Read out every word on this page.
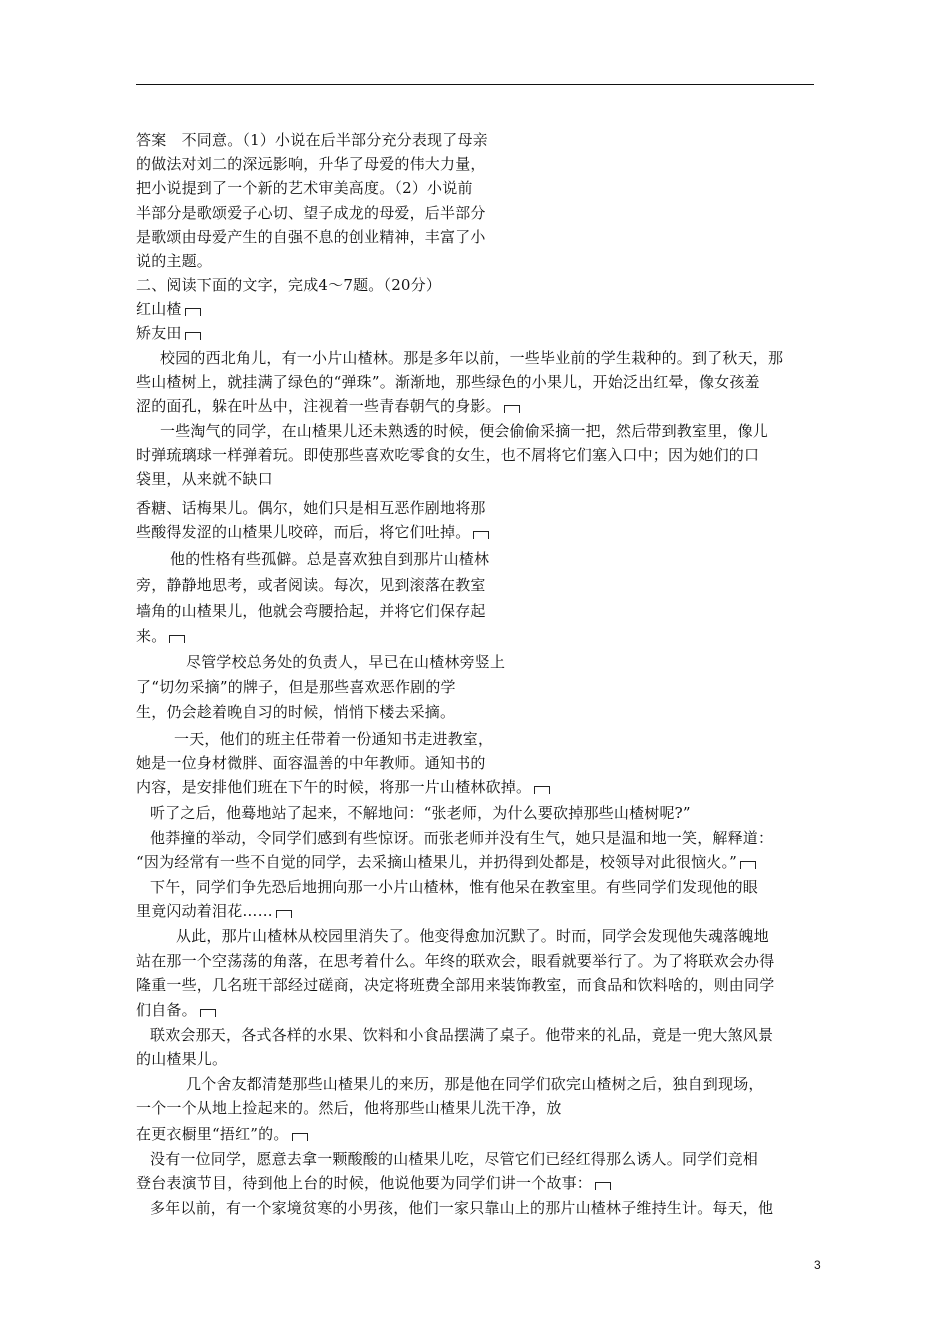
答案　不同意。（1）小说在后半部分充分表现了母亲
的做法对刘二的深远影响，升华了母爱的伟大力量，
把小说提到了一个新的艺术审美高度。（2）小说前
半部分是歌颂爱子心切、望子成龙的母爱，后半部分
是歌颂由母爱产生的自强不息的创业精神，丰富了小
说的主题。
二、阅读下面的文字，完成4～7题。（20分）
红山楂
矫友田
校园的西北角儿，有一小片山楂林。那是多年以前，一些毕业前的学生栽种的。到了秋天，那
些山楂树上，就挂满了绿色的“弹珠”。渐渐地，那些绿色的小果儿，开始泛出红晕，像女孩羞
涩的面孔，躲在叶丛中，注视着一些青春朝气的身影。
一些淘气的同学，在山楂果儿还未熟透的时候，便会偷偷采摘一把，然后带到教室里，像儿
时弹琉璃球一样弹着玩。即使那些喜欢吃零食的女生，也不屑将它们塞入口中；因为她们的口
袋里，从来就不缺口
香糖、话梅果儿。偶尔，她们只是相互恶作剧地将那
些酸得发涩的山楂果儿咬碎，而后，将它们吐掉。
他的性格有些孤僻。总是喜欢独自到那片山楂林
旁，静静地思考，或者阅读。每次，见到滚落在教室
墙角的山楂果儿，他就会弯腰拾起，并将它们保存起
来。
尽管学校总务处的负责人，早已在山楂林旁竖上
了“切勿采摘”的牌子，但是那些喜欢恶作剧的学
生，仍会趁着晚自习的时候，悄悄下楼去采摘。
一天，他们的班主任带着一份通知书走进教室，
她是一位身材微胖、面容温善的中年教师。通知书的
内容，是安排他们班在下午的时候，将那一片山楂林砍掉。
听了之后，他蓦地站了起来，不解地问：“张老师，为什么要砍掉那些山楂树呢?”
他莽撞的举动，令同学们感到有些惊讶。而张老师并没有生气，她只是温和地一笑，解释道：
“因为经常有一些不自觉的同学，去采摘山楂果儿，并扔得到处都是，校领导对此很恼火。”
下午，同学们争先恐后地拥向那一小片山楂林，惟有他呆在教室里。有些同学们发现他的眼
里竟闪动着泪花……
从此，那片山楂林从校园里消失了。他变得愈加沉默了。时而，同学会发现他失魂落魄地
站在那一个空荡荡的角落，在思考着什么。年终的联欢会，眼看就要举行了。为了将联欢会办得
隆重一些，几名班干部经过磋商，决定将班费全部用来装饰教室，而食品和饮料啥的，则由同学
们自备。
联欢会那天，各式各样的水果、饮料和小食品摆满了桌子。他带来的礼品，竟是一兜大煞风景
的山楂果儿。
几个舍友都清楚那些山楂果儿的来历，那是他在同学们砍完山楂树之后，独自到现场，
一个一个从地上捡起来的。然后，他将那些山楂果儿洗干净，放
在更衣橱里“捂红”的。
没有一位同学，愿意去拿一颗酸酸的山楂果儿吃，尽管它们已经红得那么诱人。同学们竞相
登台表演节目，待到他上台的时候，他说他要为同学们讲一个故事：
多年以前，有一个家境贫寒的小男孩，他们一家只靠山上的那片山楂林子维持生计。每天，他
3
